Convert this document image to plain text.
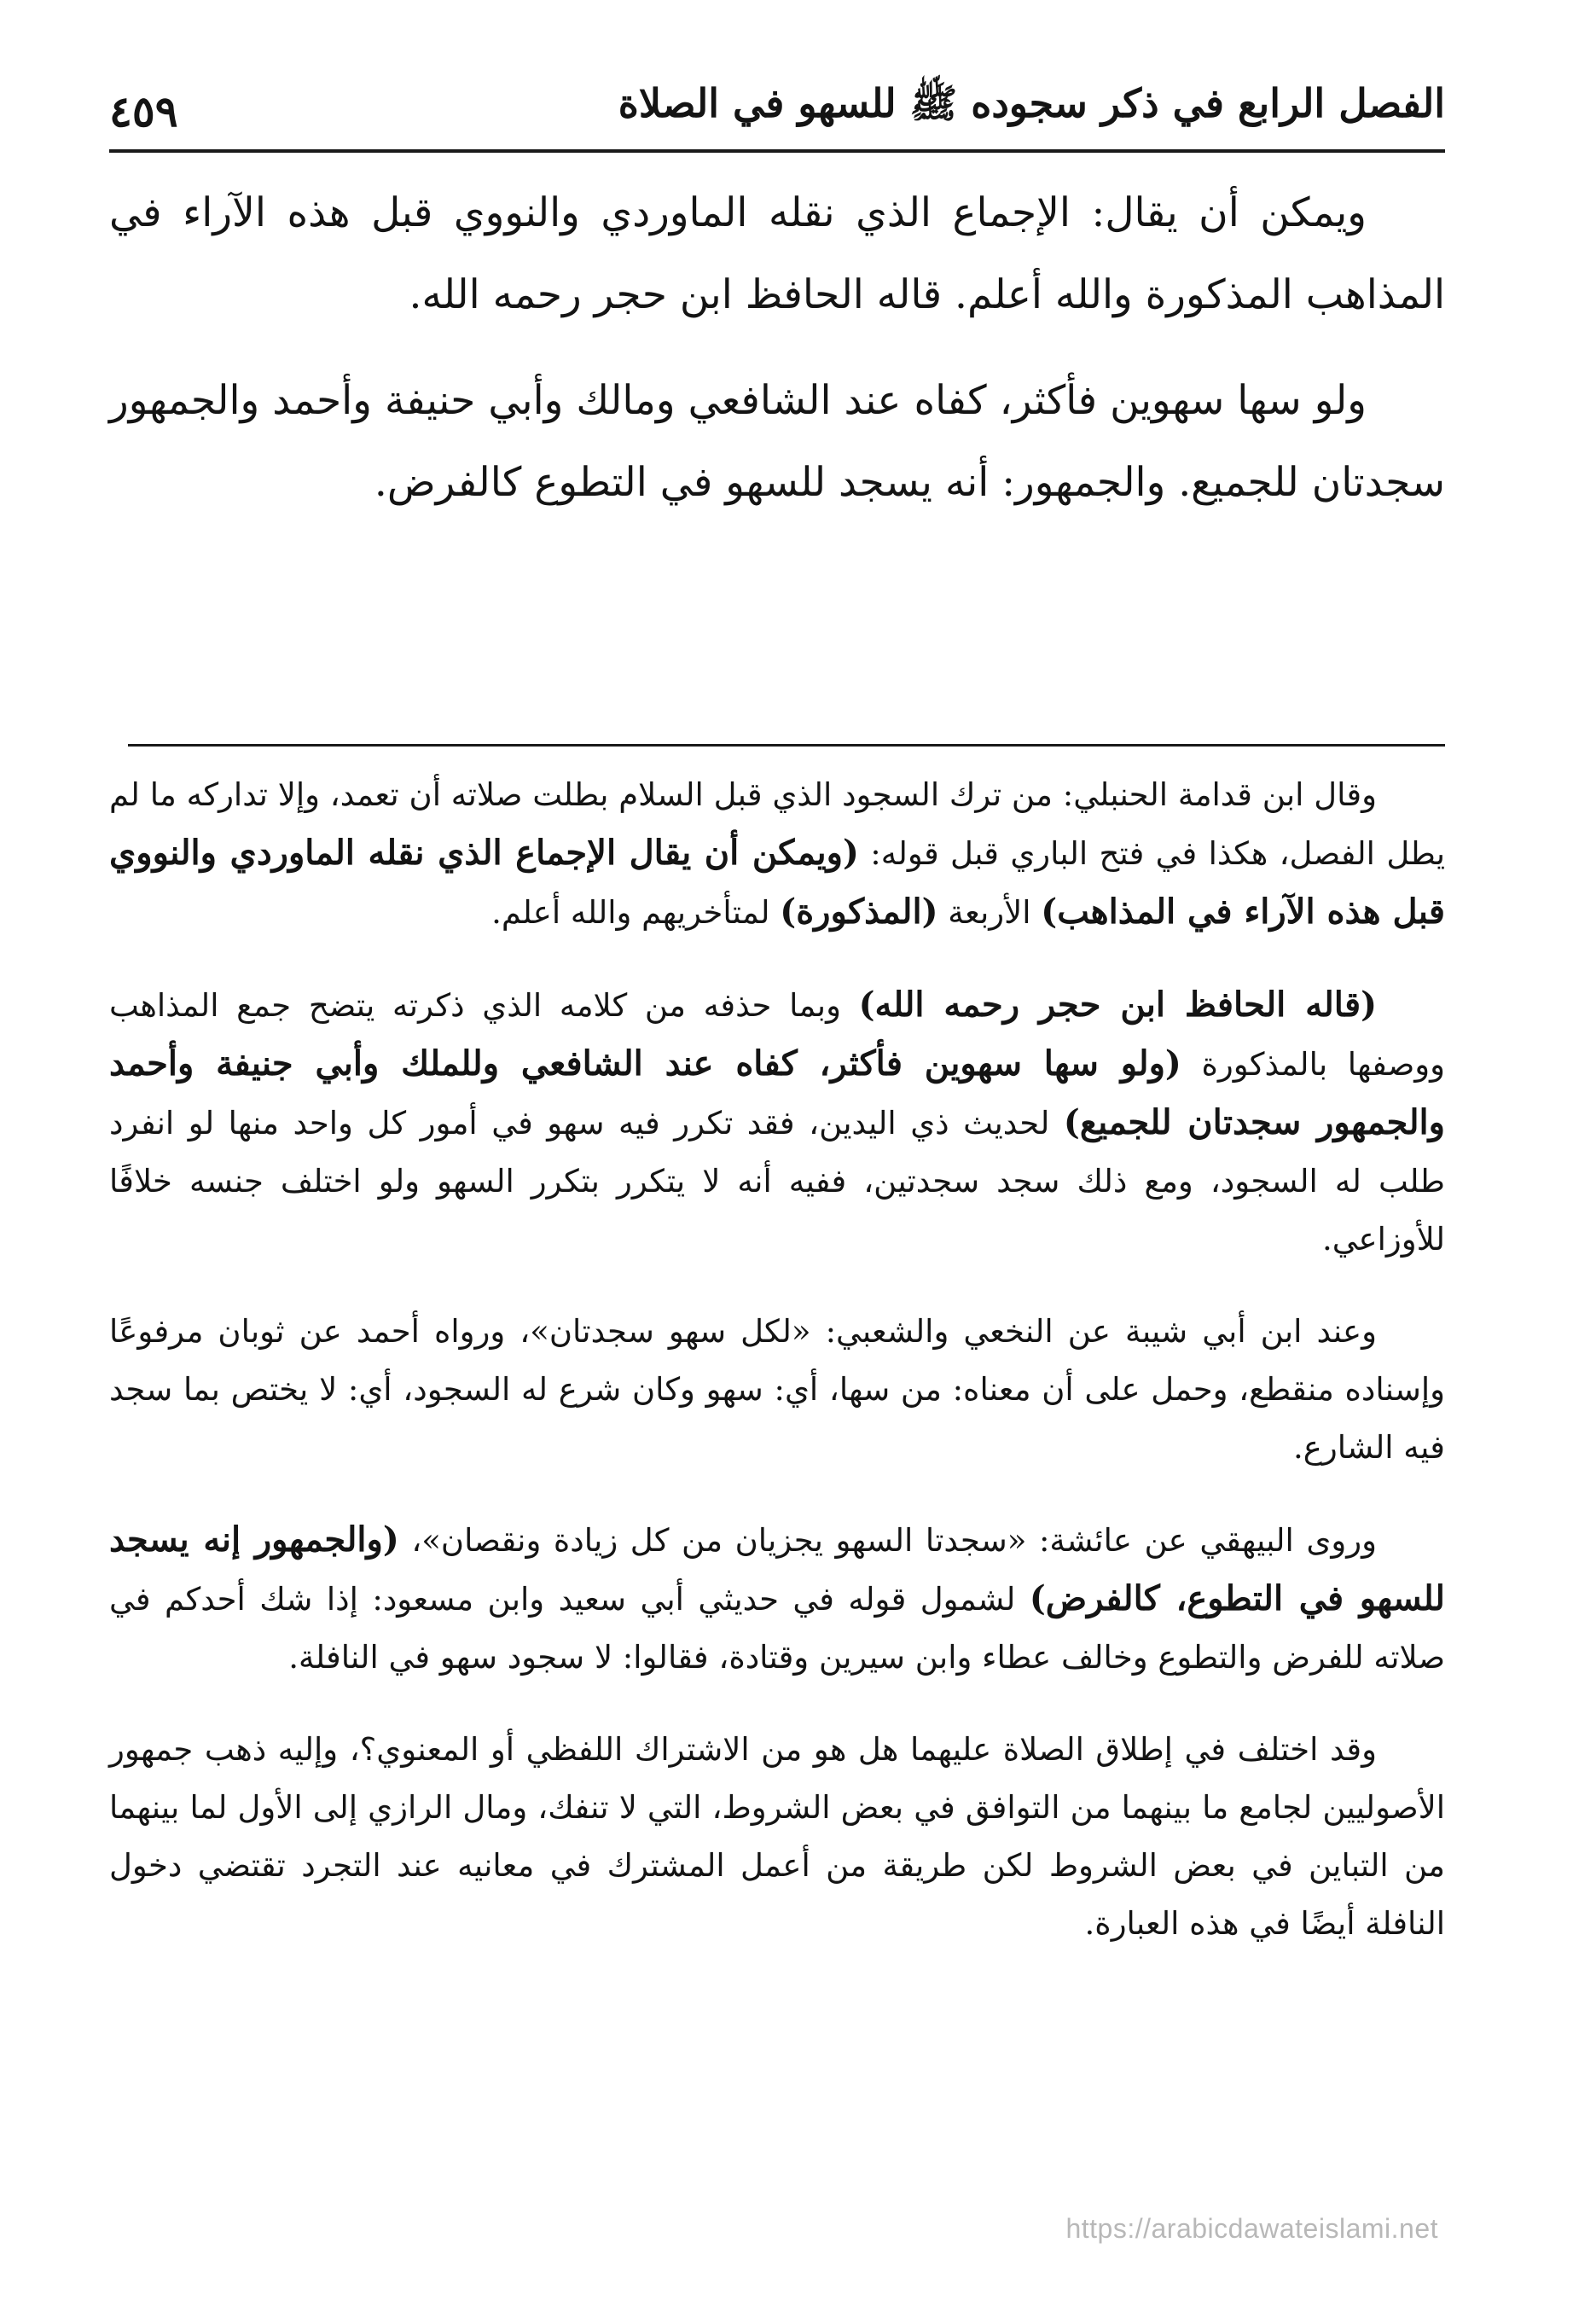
الفصل الرابع في ذكر سجوده ﷺ للسهو في الصلاة
٤٥٩

ويمكن أن يقال: الإجماع الذي نقله الماوردي والنووي قبل هذه الآراء في المذاهب المذكورة والله أعلم. قاله الحافظ ابن حجر رحمه الله.

ولو سها سهوين فأكثر، كفاه عند الشافعي ومالك وأبي حنيفة وأحمد والجمهور سجدتان للجميع. والجمهور: أنه يسجد للسهو في التطوع كالفرض.

وقال ابن قدامة الحنبلي: من ترك السجود الذي قبل السلام بطلت صلاته أن تعمد، وإلا تداركه ما لم يطل الفصل، هكذا في فتح الباري قبل قوله: (ويمكن أن يقال الإجماع الذي نقله الماوردي والنووي قبل هذه الآراء في المذاهب) الأربعة (المذكورة) لمتأخريهم والله أعلم.

(قاله الحافظ ابن حجر رحمه الله) وبما حذفه من كلامه الذي ذكرته يتضح جمع المذاهب ووصفها بالمذكورة (ولو سها سهوين فأكثر، كفاه عند الشافعي وللملك وأبي جنيفة وأحمد والجمهور سجدتان للجميع) لحديث ذي اليدين، فقد تكرر فيه سهو في أمور كل واحد منها لو انفرد طلب له السجود، ومع ذلك سجد سجدتين، ففيه أنه لا يتكرر بتكرر السهو ولو اختلف جنسه خلافًا للأوزاعي.

وعند ابن أبي شيبة عن النخعي والشعبي: «لكل سهو سجدتان»، ورواه أحمد عن ثوبان مرفوعًا وإسناده منقطع، وحمل على أن معناه: من سها، أي: سهو وكان شرع له السجود، أي: لا يختص بما سجد فيه الشارع.

وروى البيهقي عن عائشة: «سجدتا السهو يجزيان من كل زيادة ونقصان»، (والجمهور إنه يسجد للسهو في التطوع، كالفرض) لشمول قوله في حديثي أبي سعيد وابن مسعود: إذا شك أحدكم في صلاته للفرض والتطوع وخالف عطاء وابن سيرين وقتادة، فقالوا: لا سجود سهو في النافلة.

وقد اختلف في إطلاق الصلاة عليهما هل هو من الاشتراك اللفظي أو المعنوي؟، وإليه ذهب جمهور الأصوليين لجامع ما بينهما من التوافق في بعض الشروط، التي لا تنفك، ومال الرازي إلى الأول لما بينهما من التباين في بعض الشروط لكن طريقة من أعمل المشترك في معانيه عند التجرد تقتضي دخول النافلة أيضًا في هذه العبارة.

https://arabicdawateislami.net
